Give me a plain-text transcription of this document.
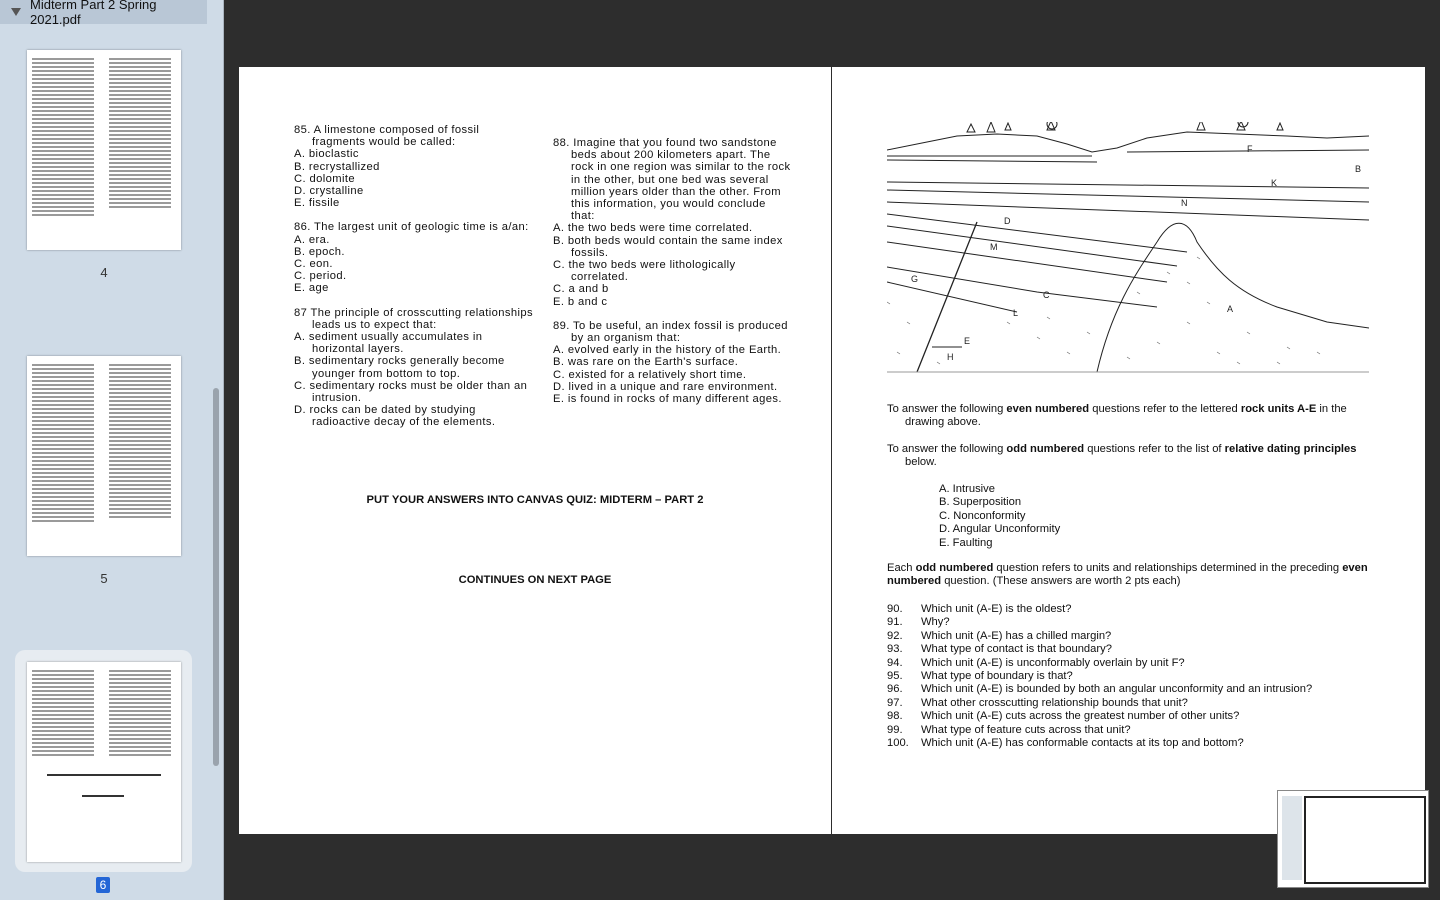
Midterm Part 2 Spring 2021.pdf
4
5
6
85. A limestone composed of fossil fragments would be called:
A. bioclastic
B. recrystallized
C. dolomite
D. crystalline
E. fissile
86. The largest unit of geologic time is a/an:
A. era.
B. epoch.
C. eon.
C. period.
E. age
87 The principle of crosscutting relationships leads us to expect that:
A. sediment usually accumulates in horizontal layers.
B. sedimentary rocks generally become younger from bottom to top.
C. sedimentary rocks must be older than an intrusion.
D. rocks can be dated by studying radioactive decay of the elements.
88. Imagine that you found two sandstone beds about 200 kilometers apart. The rock in one region was similar to the rock in the other, but one bed was several million years older than the other. From this information, you would conclude that:
A. the two beds were time correlated.
B. both beds would contain the same index fossils.
C. the two beds were lithologically correlated.
C. a and b
E. b and c
89. To be useful, an index fossil is produced by an organism that:
A. evolved early in the history of the Earth.
B. was rare on the Earth's surface.
C. existed for a relatively short time.
D. lived in a unique and rare environment.
E. is found in rocks of many different ages.
PUT YOUR ANSWERS INTO CANVAS QUIZ: MIDTERM – PART 2
CONTINUES ON NEXT PAGE
F
B
K
N
D
M
G
C
L	A
E
H

To answer the following even numbered questions refer to the lettered rock units A-E in the drawing above.

To answer the following odd numbered questions refer to the list of relative dating principles below.

A. Intrusive
B. Superposition
C. Nonconformity
D. Angular Unconformity
E. Faulting
Each odd numbered question refers to units and relationships determined in the preceding even numbered question. (These answers are worth 2 pts each)
90.	Which unit (A-E) is the oldest?
91.	Why?
92.	Which unit (A-E) has a chilled margin?
93.	What type of contact is that boundary?
94.	Which unit (A-E) is unconformably overlain by unit F?
95.	What type of boundary is that?
96.	Which unit (A-E) is bounded by both an angular unconformity and an intrusion?
97.	What other crosscutting relationship bounds that unit?
98.	Which unit (A-E) cuts across the greatest number of other units?
99.	What type of feature cuts across that unit?
100.	Which unit (A-E) has conformable contacts at its top and bottom?
